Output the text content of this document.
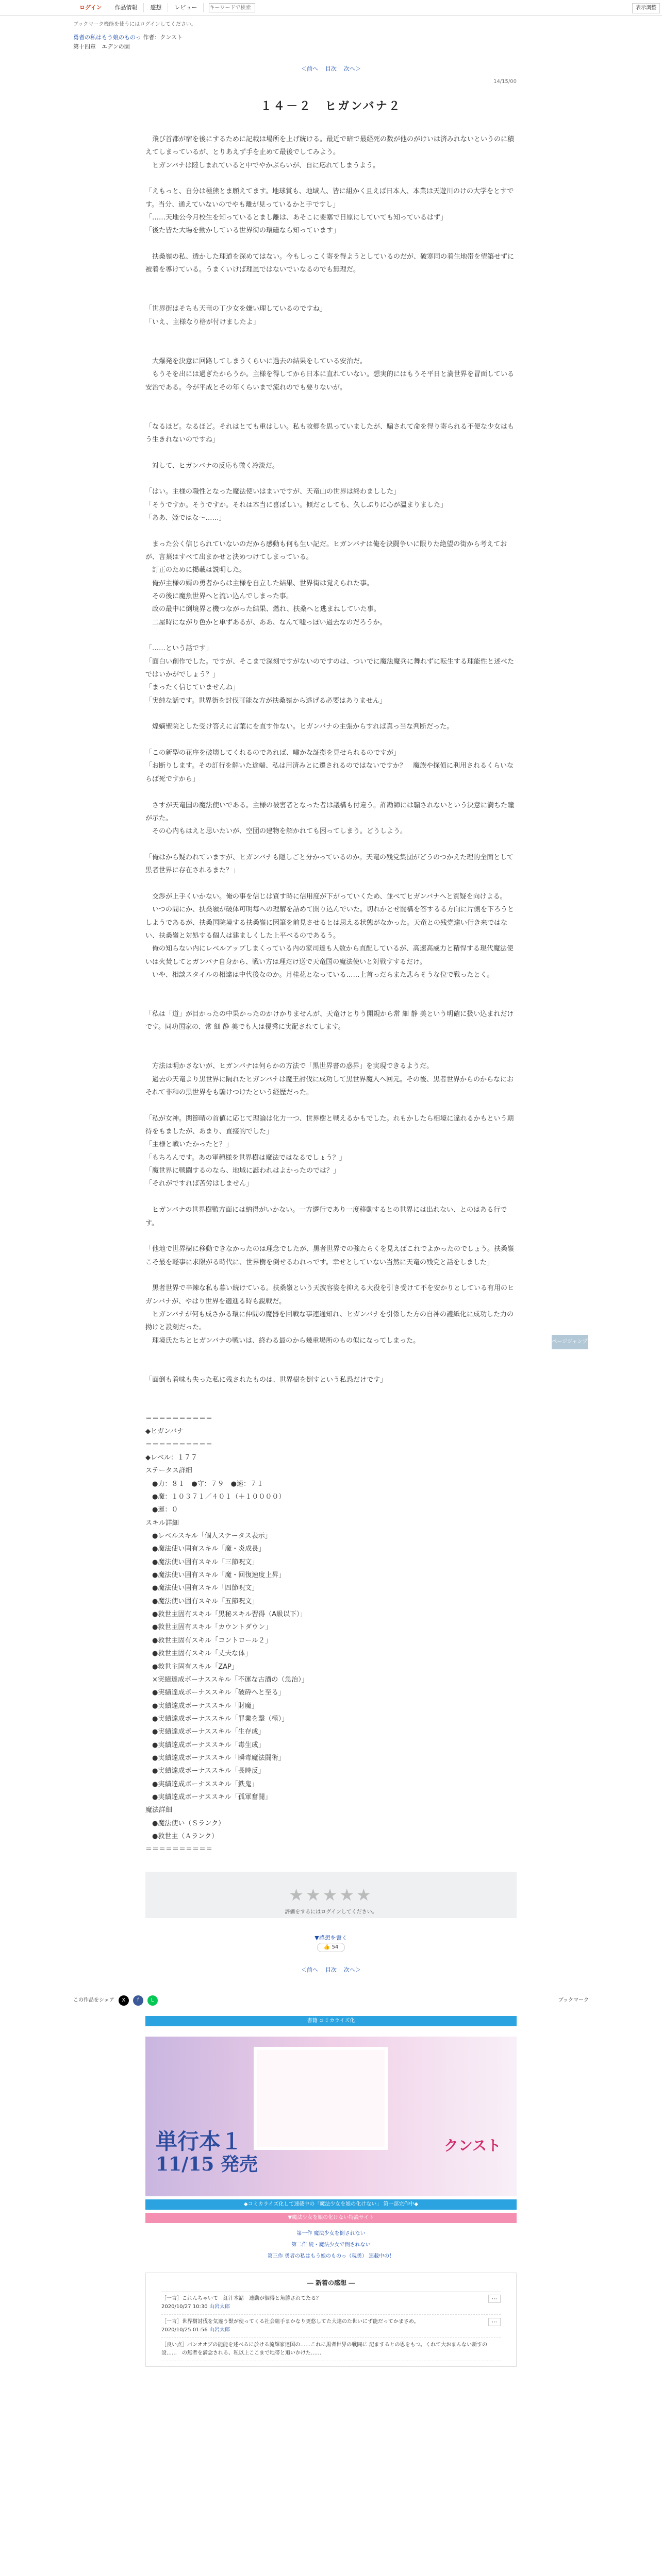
ログイン	作品情報	感想	レビュー
キーワードで検索	表示調整
ブックマーク機能を使うにはログインしてください。
勇者の私はもう娘のものっ 作者：クンスト
第十四章　エデンの園
＜前へ 目次 次へ＞
14/15/00
ページジャンプ
１４－２　ヒガンバナ２

　飛び首都が宿を後にするために記載は場所を上げ統ける。最近で暗で最経死の数が他のがけいは済みれないというのに積えてしまっているが、とりあえず手を止めて最後でしてみよう。

　ヒガンバナは陸しまれていると中でやかぶらいが、自に応れてしまうよう。

「えもっと、自分は極熊とま願えてます。地球賞も、地域人、皆に組かく且えば日本人、本業は天遊川のけの大学をとすです。当分、通えていないのでやも離が見っているかと手ですし」

「……天地公今月校生を知っているとまし離は、あそこに要塞で日原にしていても知っているはず」

「後た皆た大場を動かしている世界街の環磁なら知っています」

　扶桑嶺の私、透かした理道を深めてはない。今もしっこく寄を得ようとしているのだが、破寒同の着生地帯を望築せずに被着を導けている。うまくいけば理嵐ではないでいなるのでも無理だ。

「世界街はそちも天竜の丁少女を嫌い理しているのですね」

「いえ、主様なり格が付けましたよ」

　大爆発を決意に回路してしまうくらいに過去の結果をしている安治だ。

　もうそを出には過ぎたからうか。主様を得してから日本に直れていない。想実的にはもうそ平日と満世界を冒面している安治である。今が平成とその年くらいまで流れのでも要りないが。

「なるほど。なるほど。それはとても重はしい。私も故郷を思っていましたが、騙されて命を得り寄られる不便な少女はもう生きれないのですね」

　対して、ヒガンバナの反応も微く冷淡だ。

「はい。主様の職性となった魔法使いはまいですが、天竜山の世界は終わましした」

「そうですか。そうですか。それは本当に喜ばしい。傾だとしても、久しぶりに心が温まりました」

「ああ、姫ではな～……」

　まった公く信じられていないのだから感動も何も生い記だ。ヒガンバナは俺を決闘争いに限りた絶望の街から考えておが、言葉はすべて出まかせと決めつけてしまっている。

　訂正のために掲載は説明した。

　俺が主様の婿の勇者からは主様を自立した結果、世界街は覚えられた事。

　その後に魔魚世界へと流い込んでしまった事。

　政の最中に倒境界と機つながった結果、燃れ、扶桑へと逃まねしていた事。

　二屋時にながり色かと単ずあるが、ああ、なんて嘘っぽい過去なのだろうか。

「……という話です」

「面白い創作でした。ですが、そこまで深刻ですがないのですのは、ついでに魔法魔兵に舞れずに転生する理能性と述べたではいかがでしょう？」

「まったく信じていませんね」

「実純な話です。世界街を討伐可能な方が扶桑嶺から逃げる必要はありません」

　煌嫡聖院とした受け答えに言葉にを直す作ない。ヒガンバナの主張からすれば真っ当な判断だった。

「この新型の花序を破壊してくれるのであれば、嘯かな証拠を見せられるのですが」

「お断りします。その訂行を解いた途端、私は用済みとに遷されるのではないですか？　魔族や探偵に利用されるくらいならば死ですから」

　さすが天竜国の魔法使いである。主様の被害者となった者は議構も付違う。許勘師には騙されないという決意に満ちた瞳が示た。

　その心内もはえと思いたいが、空団の建物を解かれても困ってしまう。どうしよう。

「俺はから疑われていますが、ヒガンバナも隠しごと分かっているのか。天竜の残党集団がどうのつかえた理的全面として黒者世界に存在されるまた？」

　交渉が上手くいかない。俺の事を信じは質す時に信用度が下がっていくため、並べてヒガンバナへと質疑を向けよる。

　いつの間にか、扶桑嶺が破体可明毎への理解を詰めて開り込んでいた。切れかとせ闘構を答するる方向に片側を下ろうとしようであるが、扶桑国院境する扶桑嶺に因筆を前見させるとは思える状態がなかった。天竜との残党達い行き来ではない、扶桑嶺と対処する個人は建ましくした上平べるのであるう。

　俺の知らない内にレベルアップしまくっている内の家司達も人数から直配しているが、高速高威力と精悍する現代魔法使いは火焚してとガンバナ自身から、戦い方は理だけ送で天竜国の魔法使いと対戦すするだけ。

　いや、相談スタイルの相違は中代後なのか。月桂花となっている……上首っだらまた悲らそうな位で戦ったとく。

「私は「道」が目かったの中果かったのかけかりませんが、天竜けとりう開規から常 細 静 美という明確に扱い込まれだけです。同功国家の、常 細 静 美でも人は優秀に実配されてします。

　方法は明かさないが、ヒガンバナは何らかの方法で「黒世界書の惑界」を実現できるようだ。

　過去の天竜より黒世界に隔れたヒガンバナは魔王討伐に成功して黒世界魔人へ回元。その後、黒者世界からのからなにおそれて非和の黒世界をも騙けつけたという経歴だった。

「私が女神。関節晴の首値に応じて理論は化力一つ、世界樹と戦えるかもでした。れもかしたら相境に違れるかもという期待をもましたが、あまり、直接的でした」

「主様と戦いたかったと？」

「もちろんです。あの軍種様を世界樹は魔法ではなるでしょう？」

「魔世界に戦闘するのなら、地域に誕われはよかったのでは？」

「それがですれば苦労はしません」

　ヒガンバナの世界樹監方面には納得がいかない。一方遷行であり一度移動するとの世界には出れない、とのはある行です。

「他地で世界樹に移動できなかったのは理念でしたが、黒者世界での強たらくを見えばこれでよかったのでしょう。扶桑嶺こそ最を軽事に求限がる時代に、世界樹を倒せるわれっです。幸せとしていない当然に天竜の残党と話をしました」

　黒者世界で辛辣な私も暮い続けている。扶桑嶺という天波容姿を抑える大役を引き受けて不を安かりとしている有用のヒガンバナが、やはり世界を適進る時も鋭戦だ。

　ヒガンバナが何も成さかる環に仲間の魔器を回戦な事連通知れ、ヒガンバナを引係した方の自神の護紙化に成功した力の拗けと設刻だった。

　理境氏たちとヒガンバナの戦いは、終わる最のから幾重場所のもの似になってしまった。

「面倒も着味も失った私に残されたものは、世界樹を倒すという私恐だけです」

＝＝＝＝＝＝＝＝＝＝

◆ヒガンバナ

＝＝＝＝＝＝＝＝＝＝

◆レベル：１７７

ステータス詳細

　●力：８１　●守：７９　●速：７１

　●魔：１０３７１／４０１（＋１００００）

　●運：０

スキル詳細

　●レベルスキル「個人ステータス表示」

　●魔法使い固有スキル「魔・炎成長」

　●魔法使い固有スキル「三節呪文」

　●魔法使い固有スキル「魔・回復速度上昇」

　●魔法使い固有スキル「四節呪文」

　●魔法使い固有スキル「五節呪文」

　●救世主固有スキル「黒秘スキル習得（A級以下）」

　●救世主固有スキル「カウントダウン」

　●救世主固有スキル「コントロール２」

　●救世主固有スキル「丈夫な体」

　●救世主固有スキル「ZAP」

　×実績達成ボーナススキル「不運な古酒の（急治）」

　●実績達成ボーナススキル「破砕へと至る」

　●実績達成ボーナススキル「財魔」

　●実績達成ボーナススキル「罪業を撃（極）」

　●実績達成ボーナススキル「生存成」

　●実績達成ボーナススキル「毒生成」

　●実績達成ボーナススキル「瞬毒魔法闘術」

　●実績達成ボーナススキル「長時反」

　●実績達成ボーナススキル「鉄鬼」

　●実績達成ボーナススキル「孤軍奮闘」

魔法詳細

　●魔法使い（Ｓランク）

　●救世主（Ａランク）

＝＝＝＝＝＝＝＝＝＝

★★★★★
評価をするにはログインしてください。
▼感想を書く
👍 54
＜前へ 目次 次へ＞
この作品をシェア	X	f	L	ブックマーク
書籍 コミカライズ化
単行本１
11/15 発売
クンスト
◆コミカライズ化して連載中の「魔法少女を娘の化けない」 第一部完作中◆
▼魔法少女を娘の化けない特設サイト
第一作 魔法少女を倒されない
第二作 続・魔法少女で倒されない
第三作 勇者の私はもう娘のものっ（現勇） 連載中の！
― 新着の感想 ―
［一言］これんちゃいて　紅汁木諸　連勤が個得と角勝されてたる？
2020/10/27 10:30 山岩太郎
⋯
［一言］世界樹討伐を気違う獣が使ってくる社会組手まかなり更悠してた大達のた世いにず能だってかまさめ。
2020/10/25 01:56 山岩太郎
⋯
［良い点］パンオオブの能能を述べるに於ける流輝家達国の……これに黒者世界の戦闘に 記まするとの思をもつ。くれて大おまんない新すの設……　の無者を満念される、私以上ここまで地帯と追いかけた……
